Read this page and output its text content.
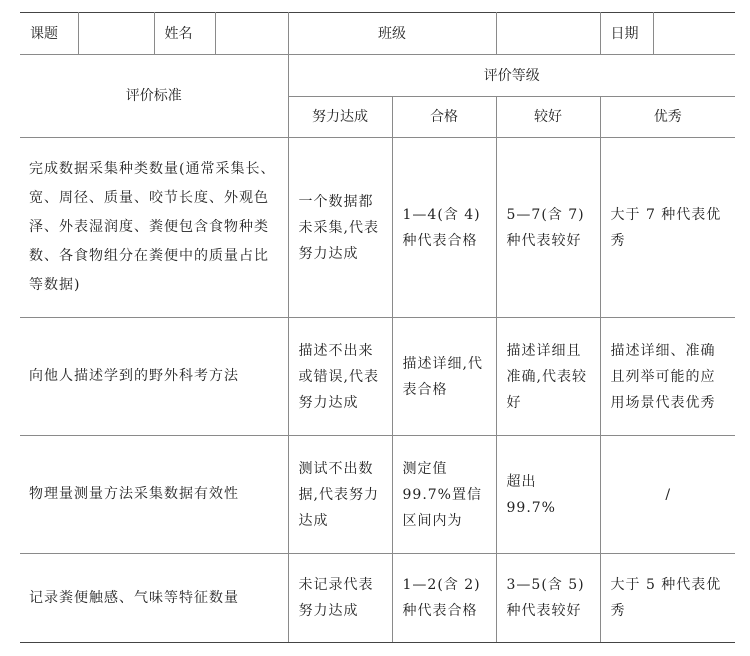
课题		姓名		班级			日期	
评价标准				评价等级				
				努力达成	合格	较好	优秀	
完成数据采集种类数量(通常采集长、宽、周径、质量、咬节长度、外观色泽、外表湿润度、粪便包含食物种类数、各食物组分在粪便中的质量占比等数据)				一个数据都未采集,代表努力达成	1—4(含 4)种代表合格	5—7(含 7)种代表较好	大于 7 种代表优秀	
向他人描述学到的野外科考方法				描述不出来或错误,代表努力达成	描述详细,代表合格	描述详细且准确,代表较好	描述详细、准确且列举可能的应用场景代表优秀	
物理量测量方法采集数据有效性				测试不出数据,代表努力达成	测定值99.7%置信区间内为	超出 99.7%	/	
记录粪便触感、气味等特征数量				未记录代表努力达成	1—2(含 2)种代表合格	3—5(含 5)种代表较好	大于 5 种代表优秀	
